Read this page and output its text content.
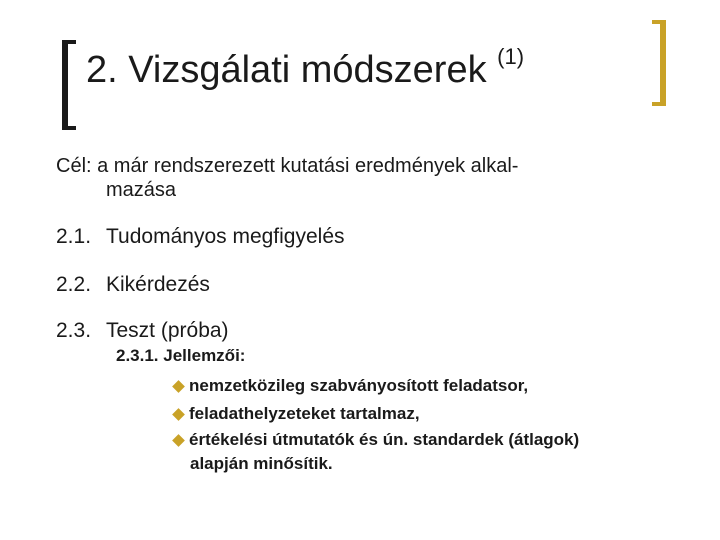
2. Vizsgálati módszerek $^{(1)}$
Cél: a már rendszerezett kutatási eredmények alkal-
mazása
2.1. Tudományos megfigyelés
2.2. Kikérdezés
2.3. Teszt (próba)
2.3.1. Jellemzői:
nemzetközileg szabványosított feladatsor,
feladathelyzeteket tartalmaz,
értékelési útmutatók és ún. standardek (átlagok)
alapján minősítik.
